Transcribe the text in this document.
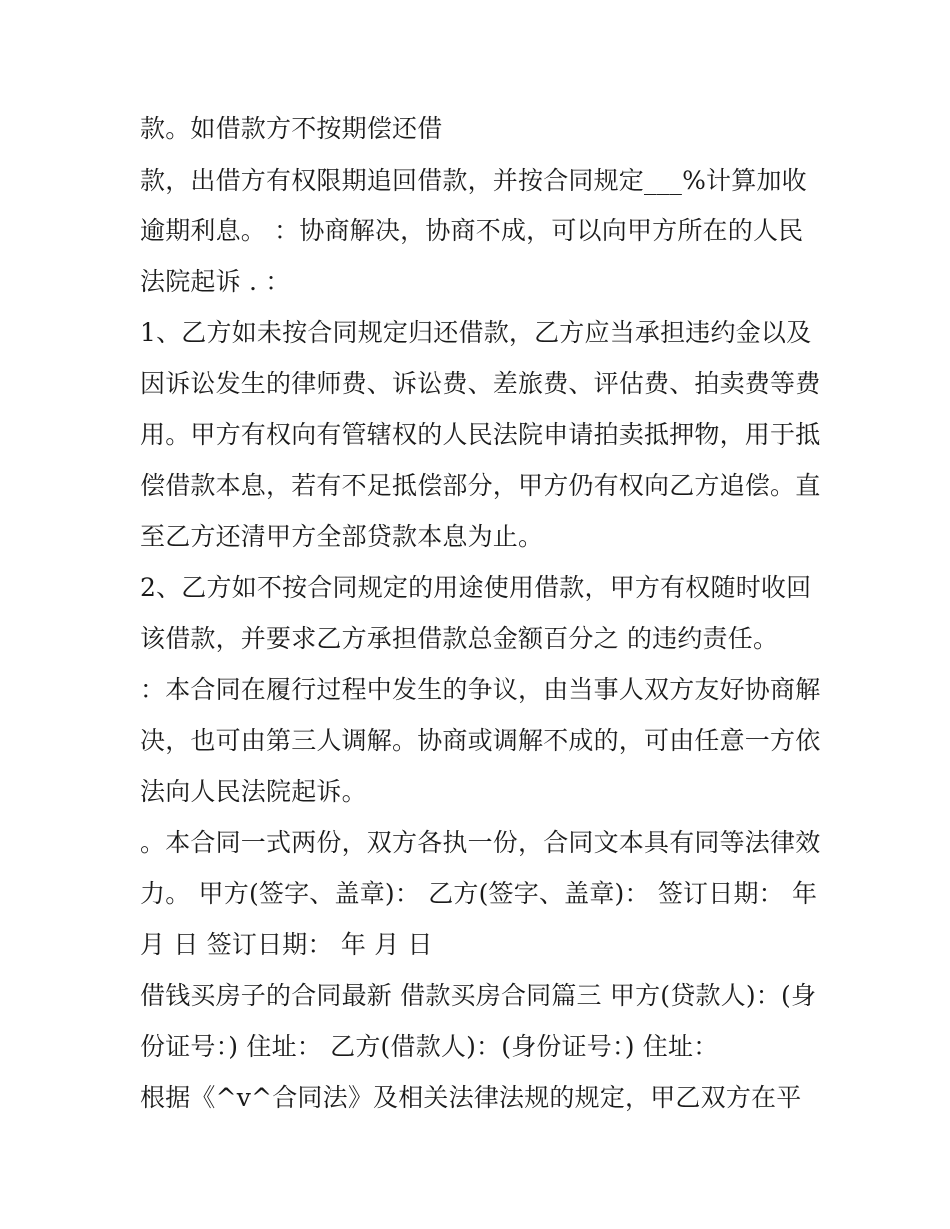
款。如借款方不按期偿还借
款，出借方有权限期追回借款，并按合同规定___%计算加收
逾期利息。 ：协商解决，协商不成，可以向甲方所在的人民
法院起诉 . ：
1、乙方如未按合同规定归还借款，乙方应当承担违约金以及
因诉讼发生的律师费、诉讼费、差旅费、评估费、拍卖费等费
用。甲方有权向有管辖权的人民法院申请拍卖抵押物，用于抵
偿借款本息，若有不足抵偿部分，甲方仍有权向乙方追偿。直
至乙方还清甲方全部贷款本息为止。
2、乙方如不按合同规定的用途使用借款，甲方有权随时收回
该借款，并要求乙方承担借款总金额百分之 的违约责任。
：本合同在履行过程中发生的争议，由当事人双方友好协商解
决，也可由第三人调解。协商或调解不成的，可由任意一方依
法向人民法院起诉。
。本合同一式两份，双方各执一份，合同文本具有同等法律效
力。 甲方(签字、盖章)： 乙方(签字、盖章)： 签订日期： 年
月 日 签订日期： 年 月 日
借钱买房子的合同最新 借款买房合同篇三 甲方(贷款人)：(身
份证号：) 住址： 乙方(借款人)：(身份证号：) 住址：
根据《^v^合同法》及相关法律法规的规定，甲乙双方在平
